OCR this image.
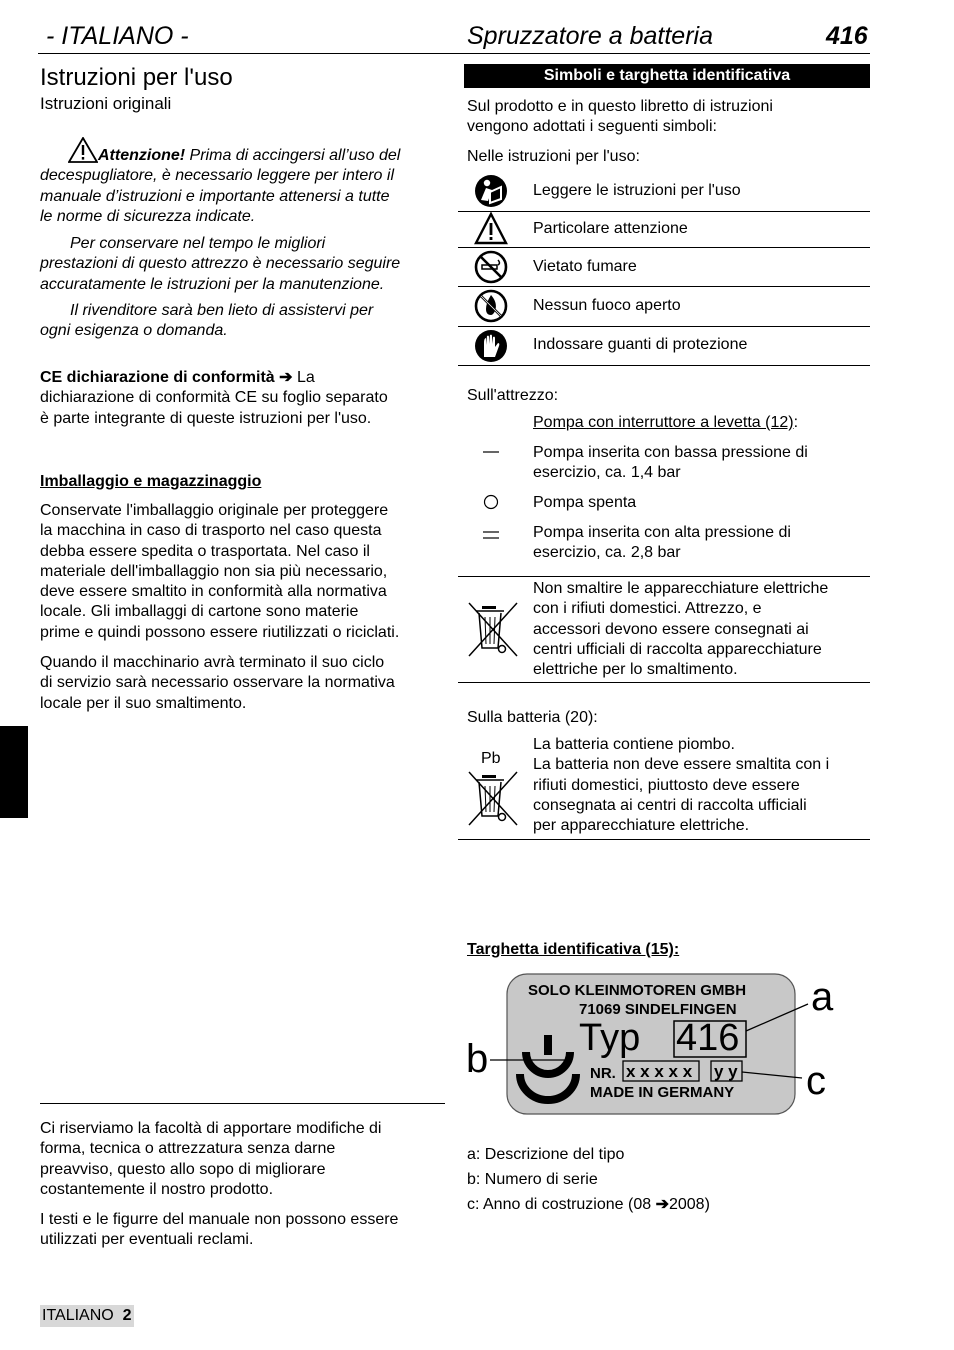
- ITALIANO -	Spruzzatore a batteria	416
Istruzioni per l'uso
Istruzioni originali
Attenzione! Prima di accingersi all’uso del
decespugliatore, è necessario leggere per intero il
manuale d’istruzioni e importante attenersi a tutte
le norme di sicurezza indicate.
Per conservare nel tempo le migliori
prestazioni di questo attrezzo è necessario seguire
accuratamente le istruzioni per la manutenzione.
Il rivenditore sarà ben lieto di assistervi per
ogni esigenza o domanda.
CE dichiarazione di conformità ➔ La
dichiarazione di conformità CE su foglio separato
è parte integrante di queste istruzioni per l'uso.
Imballaggio e magazzinaggio
Conservate l'imballaggio originale per proteggere
la macchina in caso di trasporto nel caso questa
debba essere spedita o trasportata. Nel caso il
materiale dell'imballaggio non sia più necessario,
deve essere smaltito in conformità alla normativa
locale. Gli imballaggi di cartone sono materie
prime e quindi possono essere riutilizzati o riciclati.
Quando il macchinario avrà terminato il suo ciclo
di servizio sarà necessario osservare la normativa
locale per il suo smaltimento.
Ci riserviamo la facoltà di apportare modifiche di
forma, tecnica o attrezzatura senza darne
preavviso, questo allo sopo di migliorare
costantemente il nostro prodotto.
I testi e le figurre del manuale non possono essere
utilizzati per eventuali reclami.
ITALIANO 2
Simboli e targhetta identificativa
Sul prodotto e in questo libretto di istruzioni
vengono adottati i seguenti simboli:
Nelle istruzioni per l'uso:
Leggere le istruzioni per l'uso
Particolare attenzione
Vietato fumare
Nessun fuoco aperto
Indossare guanti di protezione
Sull'attrezzo:
Pompa con interruttore a levetta (12):
Pompa inserita con bassa pressione di
esercizio, ca. 1,4 bar
Pompa spenta
Pompa inserita con alta pressione di
esercizio, ca. 2,8 bar
Non smaltire le apparecchiature elettriche
con i rifiuti domestici. Attrezzo, e
accessori devono essere consegnati ai
centri ufficiali di raccolta apparecchiature
elettriche per lo smaltimento.
Sulla batteria (20):
Pb
La batteria contiene piombo.
La batteria non deve essere smaltita con i
rifiuti domestici, piuttosto deve essere
consegnata ai centri di raccolta ufficiali
per apparecchiature elettriche.
Targhetta identificativa (15):
SOLO KLEINMOTOREN GMBH
71069 SINDELFINGEN
Typ 416
NR. x x x x x y y
MADE IN GERMANY
a
b	c
a: Descrizione del tipo
b: Numero di serie
c: Anno di costruzione (08 ➔2008)
